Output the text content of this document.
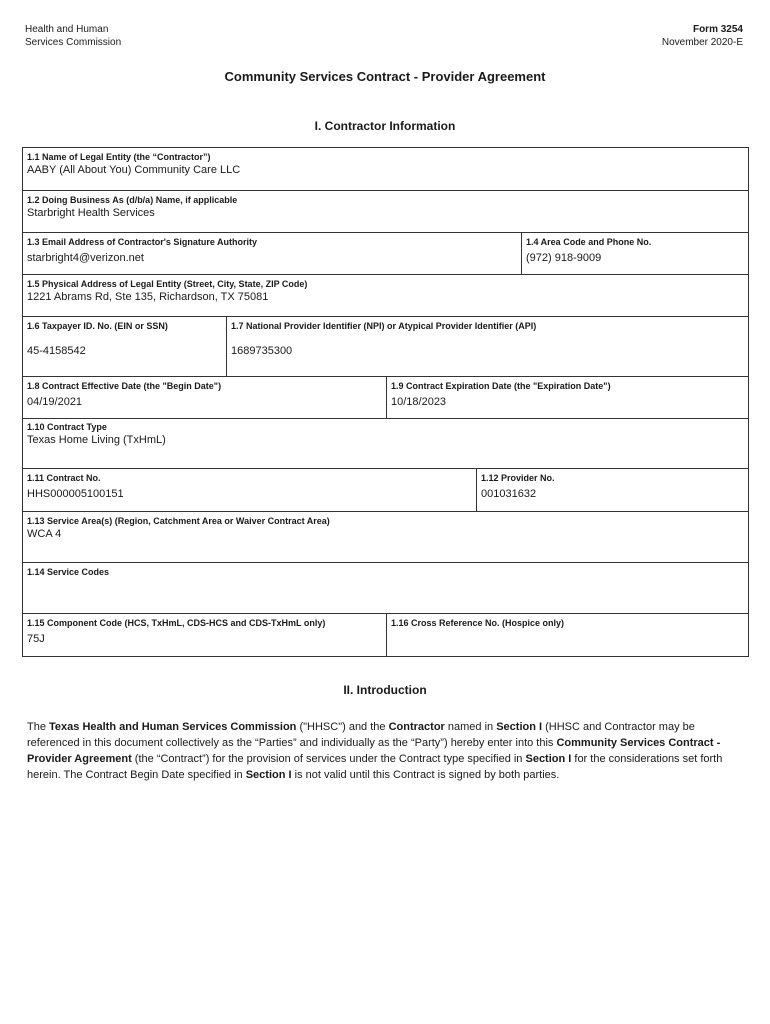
Health and Human
Services Commission
Form 3254
November 2020-E
Community Services Contract - Provider Agreement
I. Contractor Information
1.1 Name of Legal Entity (the “Contractor”)
AABY (All About You) Community Care LLC
1.2 Doing Business As (d/b/a) Name, if applicable
Starbright Health Services
1.3 Email Address of Contractor's Signature Authority
starbright4@verizon.net
1.4 Area Code and Phone No.
(972) 918-9009
1.5 Physical Address of Legal Entity (Street, City, State, ZIP Code)
1221 Abrams Rd, Ste 135, Richardson, TX 75081
1.6 Taxpayer ID. No. (EIN or SSN)
45-4158542
1.7 National Provider Identifier (NPI) or Atypical Provider Identifier (API)
1689735300
1.8 Contract Effective Date (the "Begin Date")
04/19/2021
1.9 Contract Expiration Date (the "Expiration Date")
10/18/2023
1.10 Contract Type
Texas Home Living (TxHmL)
1.11 Contract No.
HHS000005100151
1.12 Provider No.
001031632
1.13 Service Area(s) (Region, Catchment Area or Waiver Contract Area)
WCA 4
1.14 Service Codes
1.15 Component Code (HCS, TxHmL, CDS-HCS and CDS-TxHmL only)
75J
1.16 Cross Reference No. (Hospice only)
II. Introduction
The Texas Health and Human Services Commission ("HHSC") and the Contractor named in Section I (HHSC and Contractor may be referenced in this document collectively as the “Parties” and individually as the “Party”) hereby enter into this Community Services Contract - Provider Agreement (the “Contract”) for the provision of services under the Contract type specified in Section I for the considerations set forth herein. The Contract Begin Date specified in Section I is not valid until this Contract is signed by both parties.
